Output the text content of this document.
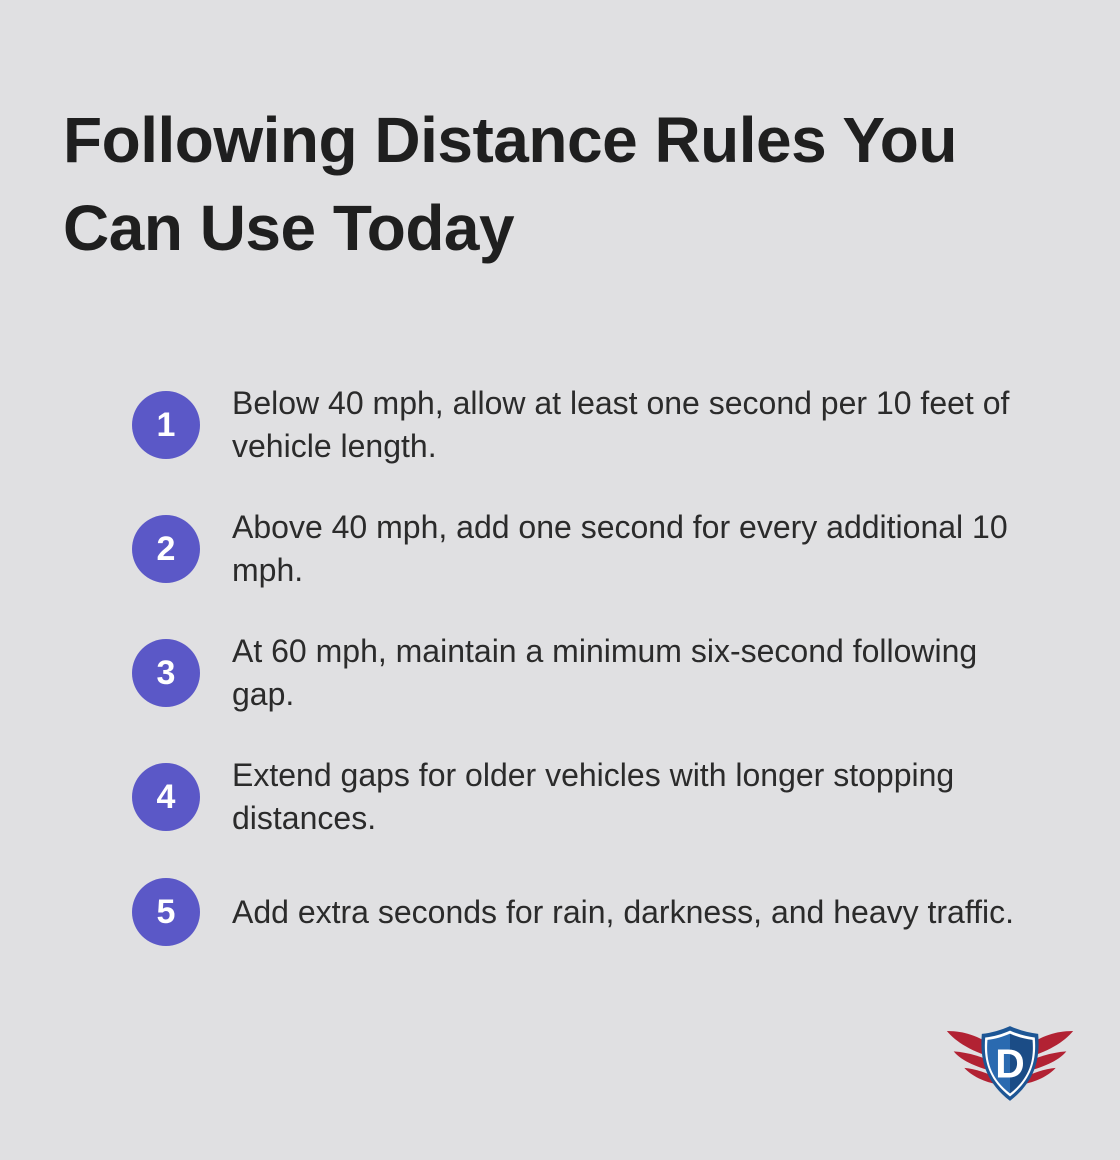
Following Distance Rules You Can Use Today
1

Below 40 mph, allow at least one second per 10 feet of vehicle length.

2

Above 40 mph, add one second for every additional 10 mph.

3

At 60 mph, maintain a minimum six-second following gap.

4

Extend gaps for older vehicles with longer stopping distances.

5 Add extra seconds for rain, darkness, and heavy traffic.

D
